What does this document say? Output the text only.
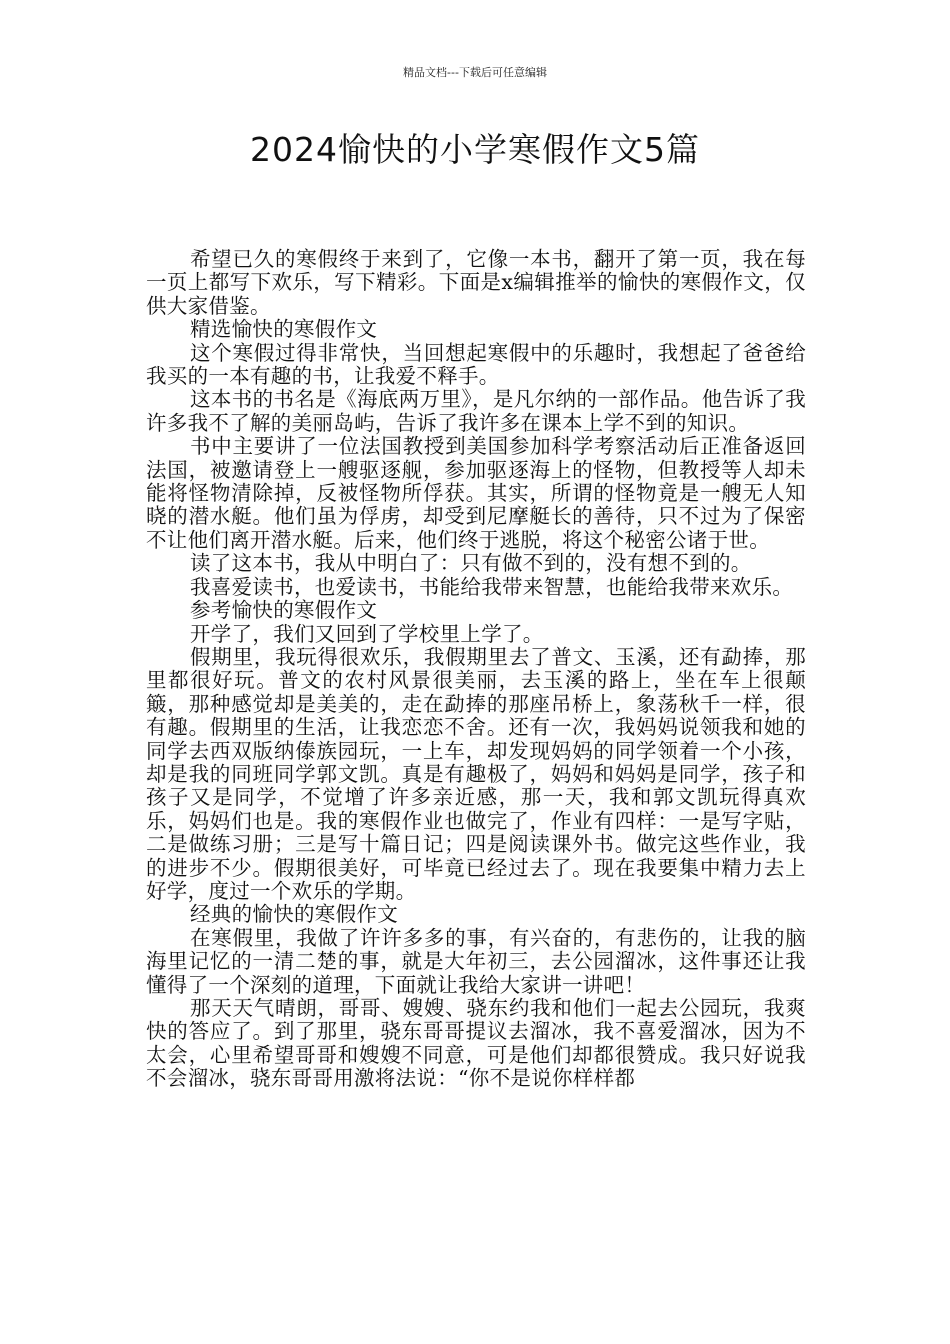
精品文档---下载后可任意编辑
2024愉快的小学寒假作文5篇

希望已久的寒假终于来到了，它像一本书，翻开了第一页，我在每一页上都写下欢乐，写下精彩。下面是x编辑推举的愉快的寒假作文，仅供大家借鉴。

精选愉快的寒假作文

这个寒假过得非常快，当回想起寒假中的乐趣时，我想起了爸爸给我买的一本有趣的书，让我爱不释手。

这本书的书名是《海底两万里》，是凡尔纳的一部作品。他告诉了我许多我不了解的美丽岛屿，告诉了我许多在课本上学不到的知识。

书中主要讲了一位法国教授到美国参加科学考察活动后正准备返回法国，被邀请登上一艘驱逐舰，参加驱逐海上的怪物，但教授等人却未能将怪物清除掉，反被怪物所俘获。其实，所谓的怪物竟是一艘无人知晓的潜水艇。他们虽为俘虏，却受到尼摩艇长的善待，只不过为了保密不让他们离开潜水艇。后来，他们终于逃脱，将这个秘密公诸于世。

读了这本书，我从中明白了：只有做不到的，没有想不到的。

我喜爱读书，也爱读书，书能给我带来智慧，也能给我带来欢乐。

参考愉快的寒假作文

开学了，我们又回到了学校里上学了。

假期里，我玩得很欢乐，我假期里去了普文、玉溪，还有勐捧，那里都很好玩。普文的农村风景很美丽，去玉溪的路上，坐在车上很颠簸，那种感觉却是美美的，走在勐捧的那座吊桥上，象荡秋千一样，很有趣。假期里的生活，让我恋恋不舍。还有一次，我妈妈说领我和她的同学去西双版纳傣族园玩，一上车，却发现妈妈的同学领着一个小孩，却是我的同班同学郭文凯。真是有趣极了，妈妈和妈妈是同学，孩子和孩子又是同学，不觉增了许多亲近感，那一天，我和郭文凯玩得真欢乐，妈妈们也是。我的寒假作业也做完了，作业有四样：一是写字贴，二是做练习册；三是写十篇日记；四是阅读课外书。做完这些作业，我的进步不少。假期很美好，可毕竟已经过去了。现在我要集中精力去上好学，度过一个欢乐的学期。

经典的愉快的寒假作文

在寒假里，我做了许许多多的事，有兴奋的，有悲伤的，让我的脑海里记忆的一清二楚的事，就是大年初三，去公园溜冰，这件事还让我懂得了一个深刻的道理，下面就让我给大家讲一讲吧！

那天天气晴朗，哥哥、嫂嫂、骁东约我和他们一起去公园玩，我爽快的答应了。到了那里，骁东哥哥提议去溜冰，我不喜爱溜冰，因为不太会，心里希望哥哥和嫂嫂不同意，可是他们却都很赞成。我只好说我不会溜冰，骁东哥哥用激将法说：“你不是说你样样都
